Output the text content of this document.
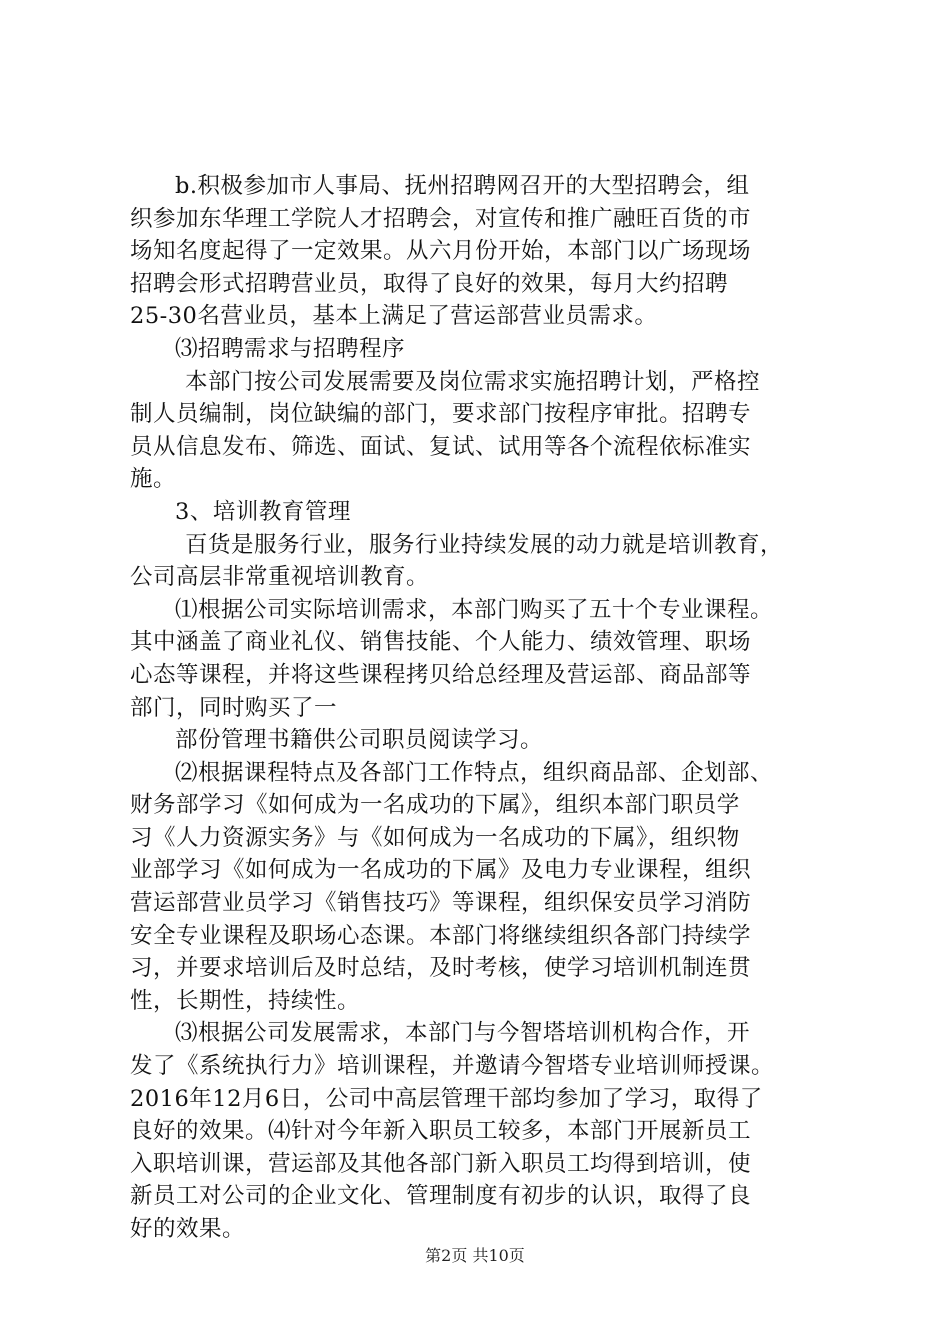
b.积极参加市人事局、抚州招聘网召开的大型招聘会，组
织参加东华理工学院人才招聘会，对宣传和推广融旺百货的市
场知名度起得了一定效果。从六月份开始，本部门以广场现场
招聘会形式招聘营业员，取得了良好的效果，每月大约招聘
25-30名营业员，基本上满足了营运部营业员需求。
⑶招聘需求与招聘程序
本部门按公司发展需要及岗位需求实施招聘计划，严格控
制人员编制，岗位缺编的部门，要求部门按程序审批。招聘专
员从信息发布、筛选、面试、复试、试用等各个流程依标准实
施。
3、培训教育管理
百货是服务行业，服务行业持续发展的动力就是培训教育，
公司高层非常重视培训教育。
⑴根据公司实际培训需求，本部门购买了五十个专业课程。
其中涵盖了商业礼仪、销售技能、个人能力、绩效管理、职场
心态等课程，并将这些课程拷贝给总经理及营运部、商品部等
部门，同时购买了一
部份管理书籍供公司职员阅读学习。
⑵根据课程特点及各部门工作特点，组织商品部、企划部、
财务部学习《如何成为一名成功的下属》，组织本部门职员学
习《人力资源实务》与《如何成为一名成功的下属》，组织物
业部学习《如何成为一名成功的下属》及电力专业课程，组织
营运部营业员学习《销售技巧》等课程，组织保安员学习消防
安全专业课程及职场心态课。本部门将继续组织各部门持续学
习，并要求培训后及时总结，及时考核，使学习培训机制连贯
性，长期性，持续性。
⑶根据公司发展需求，本部门与今智塔培训机构合作，开
发了《系统执行力》培训课程，并邀请今智塔专业培训师授课。
2016年12月6日，公司中高层管理干部均参加了学习，取得了
良好的效果。⑷针对今年新入职员工较多，本部门开展新员工
入职培训课，营运部及其他各部门新入职员工均得到培训，使
新员工对公司的企业文化、管理制度有初步的认识，取得了良
好的效果。
第2页 共10页
